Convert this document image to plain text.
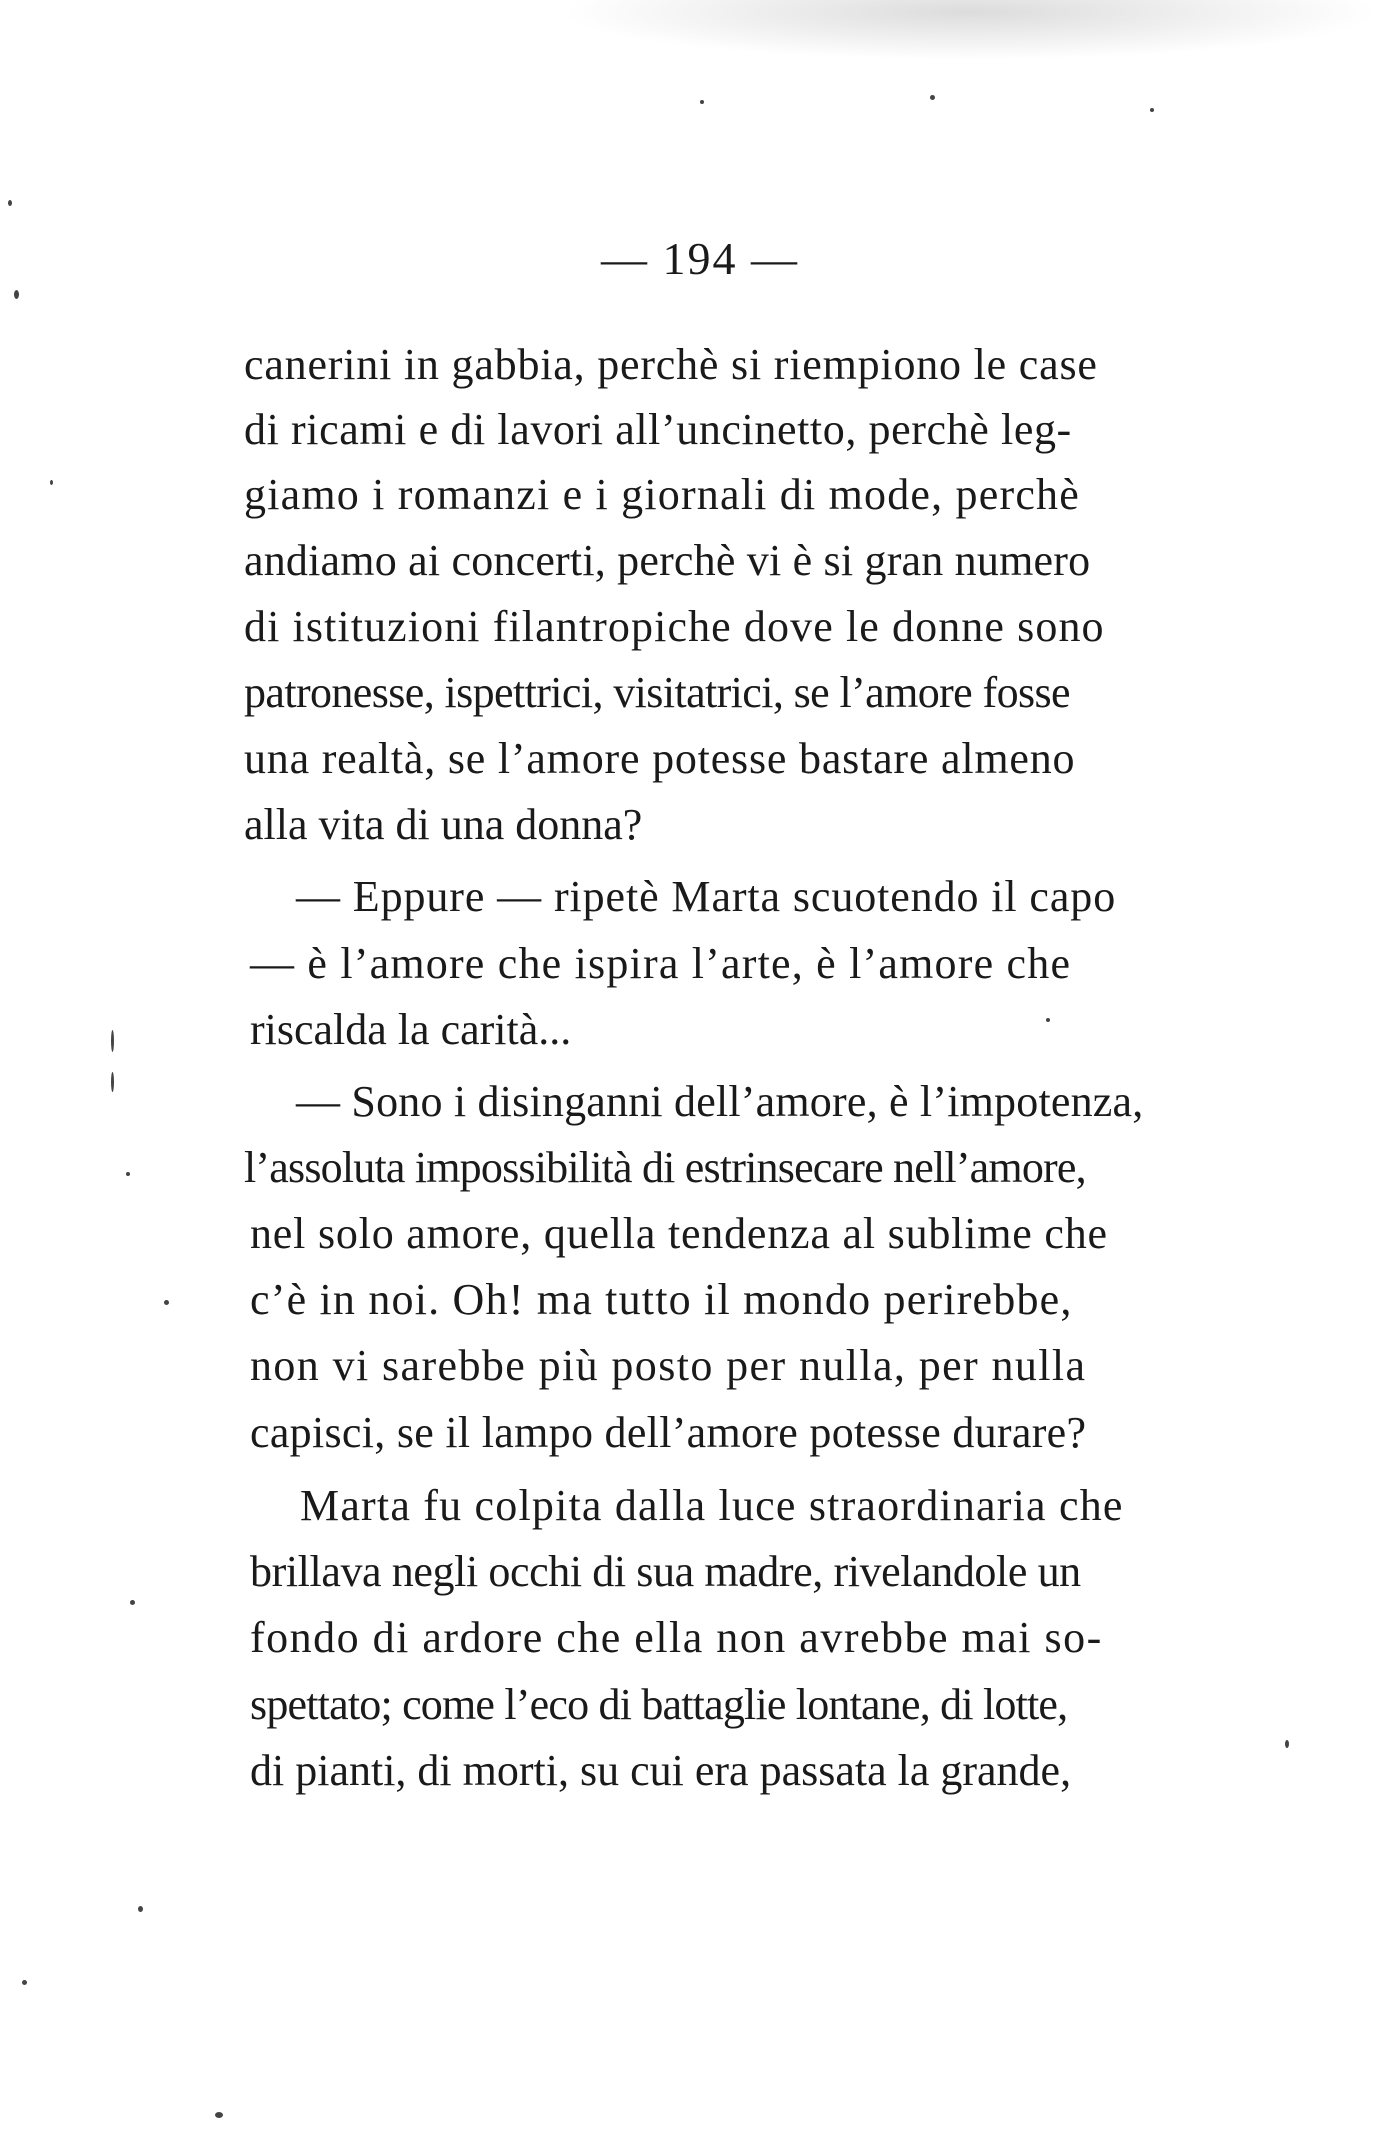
— 194 —
canerini in gabbia, perchè si riempiono le case
di ricami e di lavori all’uncinetto, perchè leg-
giamo i romanzi e i giornali di mode, perchè
andiamo ai concerti, perchè vi è si gran numero
di istituzioni filantropiche dove le donne sono
patronesse, ispettrici, visitatrici, se l’amore fosse
una realtà, se l’amore potesse bastare almeno
alla vita di una donna?
— Eppure — ripetè Marta scuotendo il capo
— è l’amore che ispira l’arte, è l’amore che
riscalda la carità...
— Sono i disinganni dell’amore, è l’impotenza,
l’assoluta impossibilità di estrinsecare nell’amore,
nel solo amore, quella tendenza al sublime che
c’è in noi. Oh! ma tutto il mondo perirebbe,
non vi sarebbe più posto per nulla, per nulla
capisci, se il lampo dell’amore potesse durare?
Marta fu colpita dalla luce straordinaria che
brillava negli occhi di sua madre, rivelandole un
fondo di ardore che ella non avrebbe mai so-
spettato; come l’eco di battaglie lontane, di lotte,
di pianti, di morti, su cui era passata la grande,
